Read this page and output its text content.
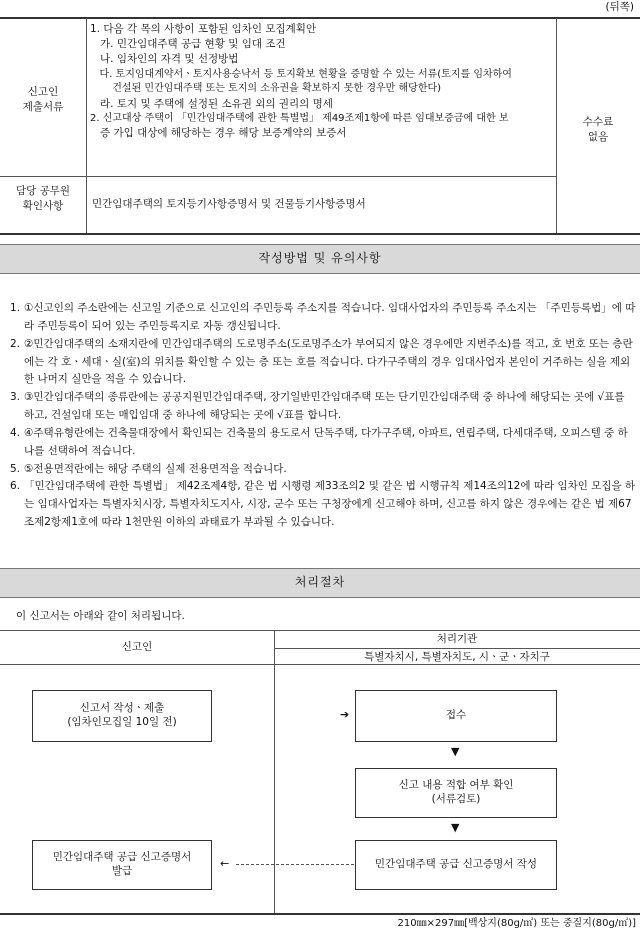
(뒤쪽)
신고인
제출서류
1. 다음 각 목의 사항이 포함된 임차인 모집계획안
가. 민간임대주택 공급 현황 및 임대 조건
나. 임차인의 자격 및 선정방법
다. 토지임대계약서ㆍ토지사용승낙서 등 토지확보 현황을 증명할 수 있는 서류(토지를 임차하여
건설된 민간임대주택 또는 토지의 소유권을 확보하지 못한 경우만 해당한다)
라. 토지 및 주택에 설정된 소유권 외의 권리의 명세
2. 신고대상 주택이 「민간임대주택에 관한 특별법」 제49조제1항에 따른 임대보증금에 대한 보
증 가입 대상에 해당하는 경우 해당 보증계약의 보증서
수수료
없음
담당 공무원
확인사항	민간임대주택의 토지등기사항증명서 및 건물등기사항증명서
작성방법 및 유의사항
1. ①신고인의 주소란에는 신고일 기준으로 신고인의 주민등록 주소지를 적습니다. 임대사업자의 주민등록 주소지는 「주민등록법」에 따라 주민등록이 되어 있는 주민등록지로 자동 갱신됩니다.
2. ②민간임대주택의 소재지란에 민간임대주택의 도로명주소(도로명주소가 부여되지 않은 경우에만 지번주소)를 적고, 호 번호 또는 층란에는 각 호ㆍ세대ㆍ실(室)의 위치를 확인할 수 있는 층 또는 호를 적습니다. 다가구주택의 경우 임대사업자 본인이 거주하는 실을 제외한 나머지 실만을 적을 수 있습니다.
3. ③민간임대주택의 종류란에는 공공지원민간임대주택, 장기일반민간임대주택 또는 단기민간임대주택 중 하나에 해당되는 곳에 √표를 하고, 건설임대 또는 매입임대 중 하나에 해당되는 곳에 √표를 합니다.
4. ④주택유형란에는 건축물대장에서 확인되는 건축물의 용도로서 단독주택, 다가구주택, 아파트, 연립주택, 다세대주택, 오피스텔 중 하나를 선택하여 적습니다.
5. ⑤전용면적란에는 해당 주택의 실제 전용면적을 적습니다.
6. 「민간임대주택에 관한 특별법」 제42조제4항, 같은 법 시행령 제33조의2 및 같은 법 시행규칙 제14조의12에 따라 임차인 모집을 하는 임대사업자는 특별자치시장, 특별자치도지사, 시장, 군수 또는 구청장에게 신고해야 하며, 신고를 하지 않은 경우에는 같은 법 제67조제2항제1호에 따라 1천만원 이하의 과태료가 부과될 수 있습니다.
처리절차
이 신고서는 아래와 같이 처리됩니다.
신고인
처리기관
특별자치시, 특별자치도, 시ㆍ군ㆍ자치구
신고서 작성ㆍ제출
(임차인모집일 10일 전)
➔	접수
▼
신고 내용 적합 여부 확인
(서류검토)
▼
민간임대주택 공급 신고증명서 작성
←
민간임대주택 공급 신고증명서
발급
210㎜×297㎜[백상지(80g/㎡) 또는 중질지(80g/㎡)]
